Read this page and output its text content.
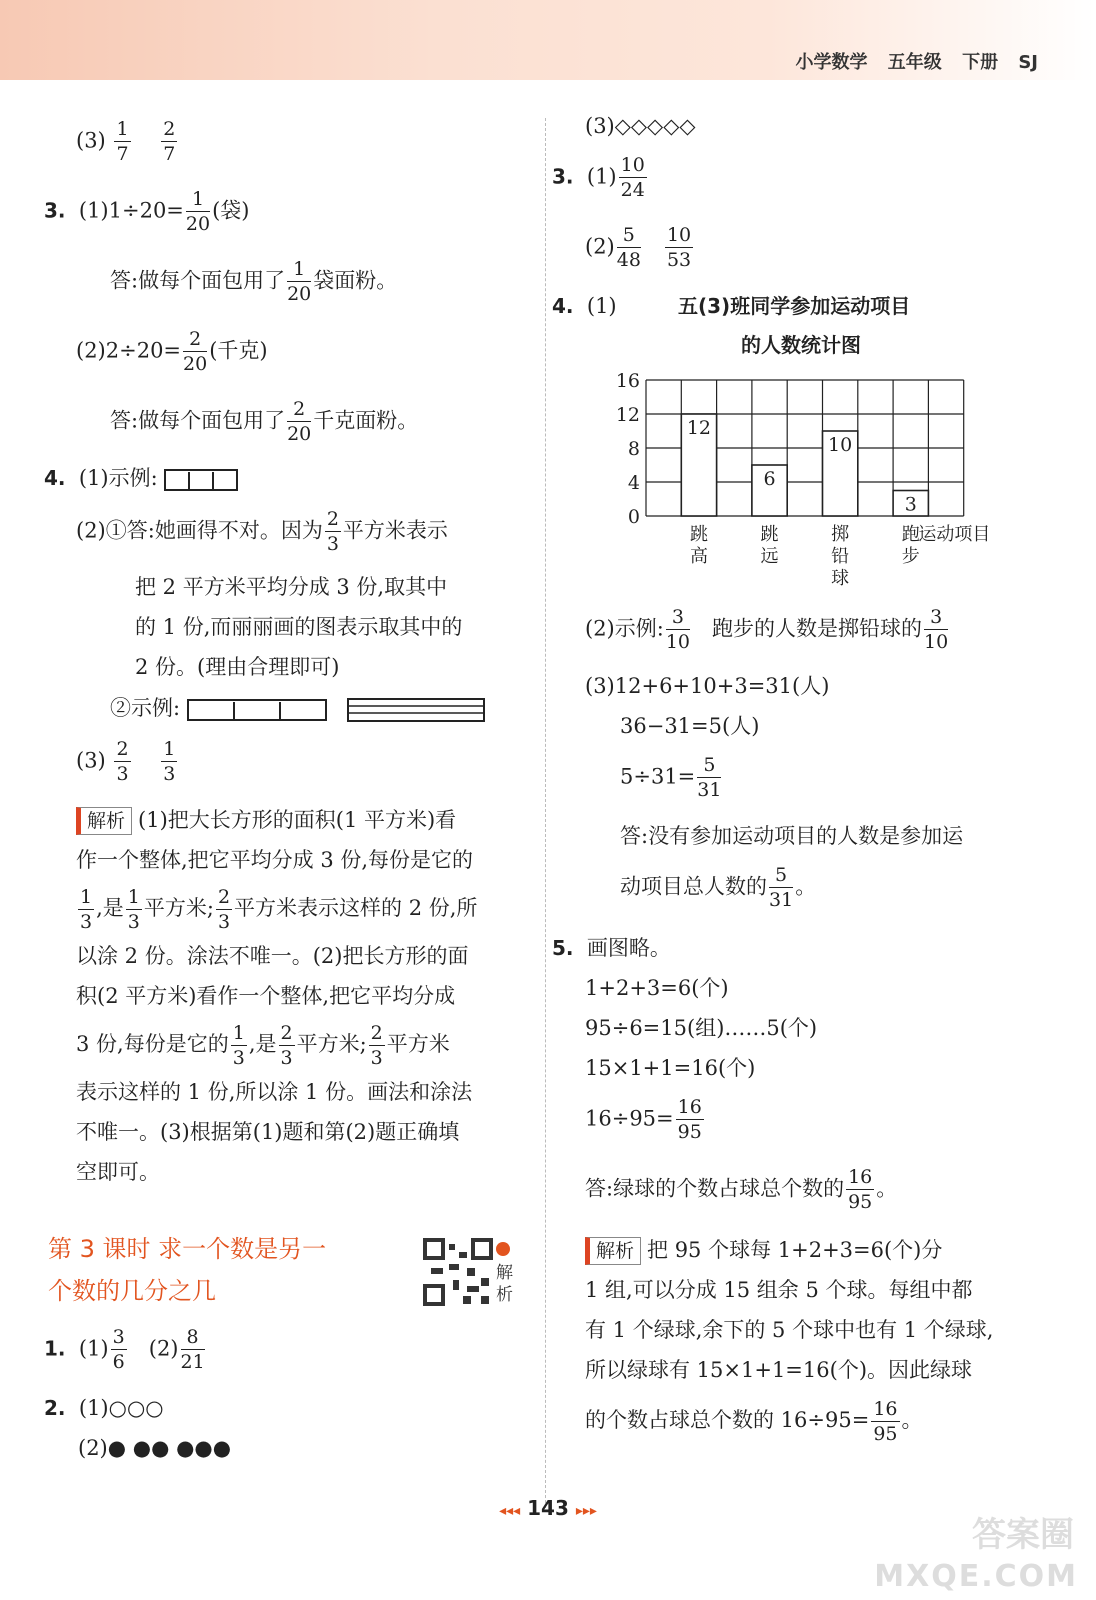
小学数学 五年级 下册 SJ
$(3) \frac{1}{7}$
$\frac{2}{7}$
3. $(1)1\div 20= \frac{1}{20}$ (袋)
答:做每个面包用了 $\frac{1}{20}$ 袋面粉。
$(2)2\div 20= \frac{2}{20}$ (千克)
答:做每个面包用了 $\frac{2}{20}$ 千克面粉。
4. (1)示例:
(2)①答:她画得不对。因为 $\frac{2}{3}$ 平方米表示
把 2 平方米平均分成 3 份,取其中
的 1 份,而丽丽画的图表示取其中的
2 份。(理由合理即可)
②示例:
$(3) \frac{2}{3}$
$\frac{1}{3}$
解析 (1)把大长方形的面积(1 平方米)看
作一个整体,把它平均分成 3 份,每份是它的
$\frac{1}{3}$ ,是 $\frac{1}{3}$ 平方米; $\frac{2}{3}$ 平方米表示这样的 2 份,所
以涂 2 份。涂法不唯一。(2)把长方形的面
积(2 平方米)看作一个整体,把它平均分成
3 份,每份是它的 $\frac{1}{3}$ ,是 $\frac{2}{3}$ 平方米; $\frac{2}{3}$ 平方米
表示这样的 1 份,所以涂 1 份。画法和涂法
不唯一。(3)根据第(1)题和第(2)题正确填
空即可。
第 3 课时 求一个数是另一
个数的几分之几
解析
1. $(1) \frac{3}{6} (2) \frac{8}{21}$
2. (1)○○○
(2)● ●● ●●●
(3)◇◇◇◇◇
3. $(1) \frac{10}{24}$
$(2) \frac{5}{48}$
$\frac{10}{53}$
4. (1)	五(3)班同学参加运动项目
的人数统计图
0
4
8
12
16
12
跳
高
6
跳
远
10
掷
铅
球
3
跑
步
运动项目
(2)示例: $\frac{3}{10}$ 跑步的人数是掷铅球的 $\frac{3}{10}$
(3)12+6+10+3=31(人)
36−31=5(人)
$5\div 31= \frac{5}{31}$
答:没有参加运动项目的人数是参加运
动项目总人数的 $\frac{5}{31}$ 。
5. 画图略。
1+2+3=6(个)
95÷6=15(组)……5(个)
15×1+1=16(个)
$16\div 95= \frac{16}{95}$
答:绿球的个数占球总个数的 $\frac{16}{95}$ 。
解析 把 95 个球每 1+2+3=6(个)分
1 组,可以分成 15 组余 5 个球。每组中都
有 1 个绿球,余下的 5 个球中也有 1 个绿球,
所以绿球有 15×1+1=16(个)。因此绿球
的个数占球总个数的 $16\div 95= \frac{16}{95}$ 。
◂◂◂ 143 ▸▸▸
答案圈
MXQE.COM
